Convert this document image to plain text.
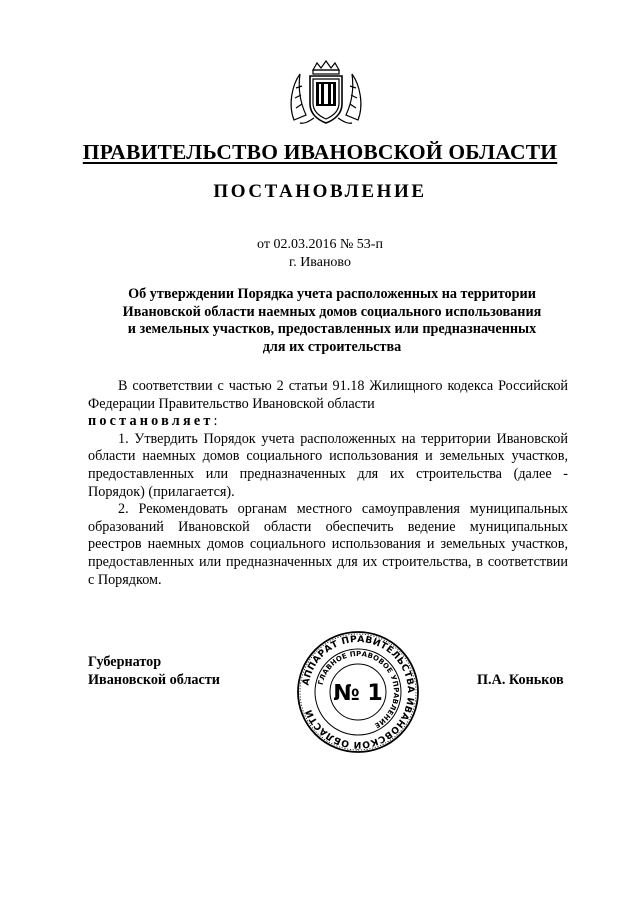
ПРАВИТЕЛЬСТВО ИВАНОВСКОЙ ОБЛАСТИ
ПОСТАНОВЛЕНИЕ
от 02.03.2016 № 53-п
г. Иваново
Об утверждении Порядка учета расположенных на территории
Ивановской области наемных домов социального использования
и земельных участков, предоставленных или предназначенных
для их строительства

В соответствии с частью 2 статьи 91.18 Жилищного кодекса Российской Федерации Правительство Ивановской области
постановляет:

1. Утвердить Порядок учета расположенных на территории Ивановской области наемных домов социального использования и земельных участков, предоставленных или предназначенных для их строительства (далее - Порядок) (прилагается).

2. Рекомендовать органам местного самоуправления муниципальных образований Ивановской области обеспечить ведение муниципальных реестров наемных домов социального использования и земельных участков, предоставленных или предназначенных для их строительства, в соответствии с Порядком.

Губернатор
Ивановской области	АППАРАТ ПРАВИТЕЛЬСТВА ИВАНОВСКОЙ ОБЛАСТИ
ГЛАВНОЕ ПРАВОВОЕ УПРАВЛЕНИЕ
№ 1
П.А. Коньков
